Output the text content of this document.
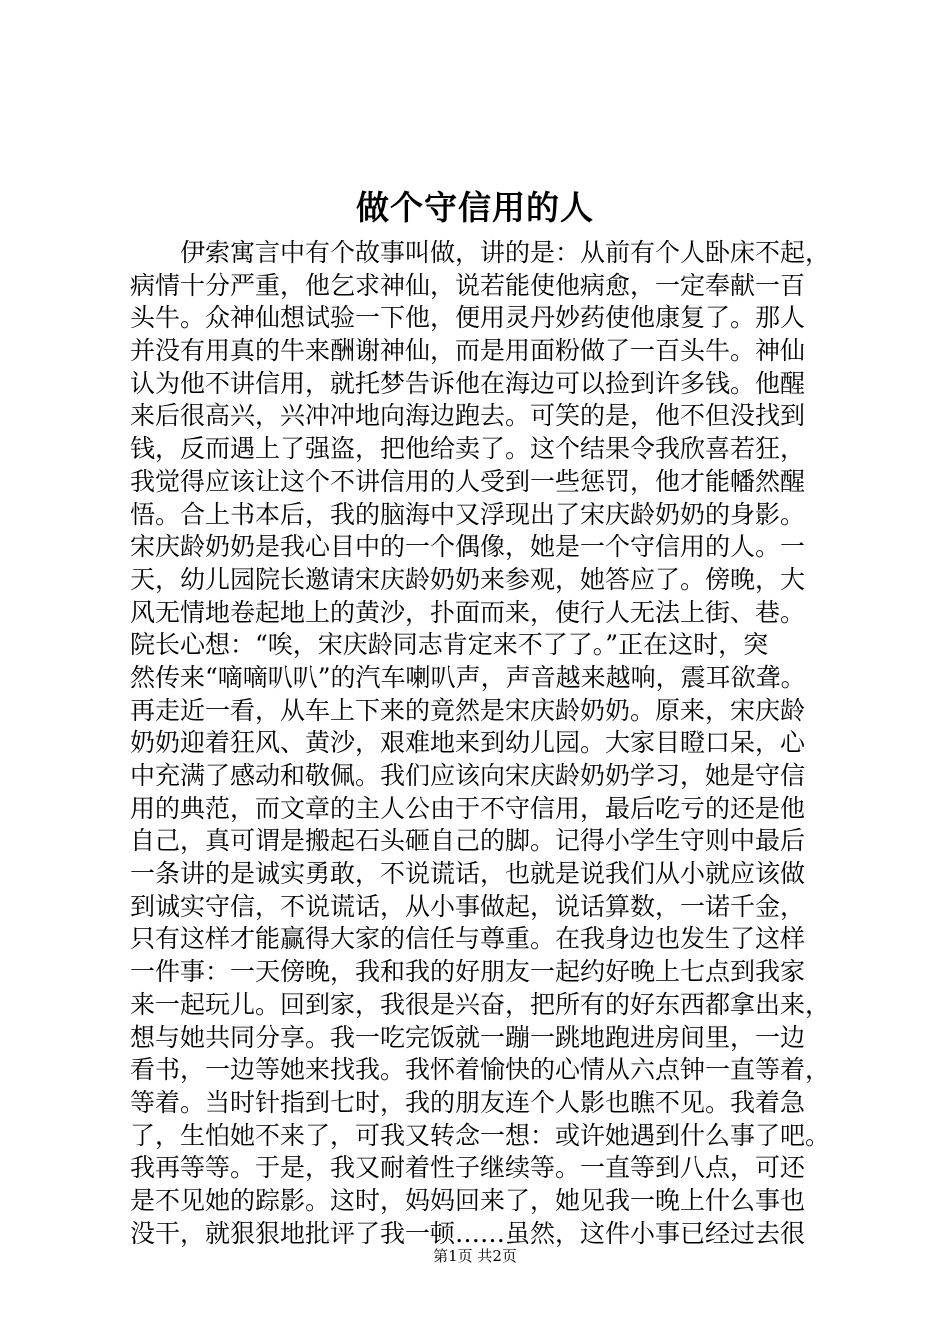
做个守信用的人
　　伊索寓言中有个故事叫做，讲的是：从前有个人卧床不起，
病情十分严重，他乞求神仙，说若能使他病愈，一定奉献一百
头牛。众神仙想试验一下他，便用灵丹妙药使他康复了。那人
并没有用真的牛来酬谢神仙，而是用面粉做了一百头牛。神仙
认为他不讲信用，就托梦告诉他在海边可以捡到许多钱。他醒
来后很高兴，兴冲冲地向海边跑去。可笑的是，他不但没找到
钱，反而遇上了强盗，把他给卖了。这个结果令我欣喜若狂，
我觉得应该让这个不讲信用的人受到一些惩罚，他才能幡然醒
悟。合上书本后，我的脑海中又浮现出了宋庆龄奶奶的身影。
宋庆龄奶奶是我心目中的一个偶像，她是一个守信用的人。一
天，幼儿园院长邀请宋庆龄奶奶来参观，她答应了。傍晚，大
风无情地卷起地上的黄沙，扑面而来，使行人无法上街、巷。
院长心想：“唉，宋庆龄同志肯定来不了了。”正在这时，突
然传来“嘀嘀叭叭”的汽车喇叭声，声音越来越响，震耳欲聋。
再走近一看，从车上下来的竟然是宋庆龄奶奶。原来，宋庆龄
奶奶迎着狂风、黄沙，艰难地来到幼儿园。大家目瞪口呆，心
中充满了感动和敬佩。我们应该向宋庆龄奶奶学习，她是守信
用的典范，而文章的主人公由于不守信用，最后吃亏的还是他
自己，真可谓是搬起石头砸自己的脚。记得小学生守则中最后
一条讲的是诚实勇敢，不说谎话，也就是说我们从小就应该做
到诚实守信，不说谎话，从小事做起，说话算数，一诺千金，
只有这样才能赢得大家的信任与尊重。在我身边也发生了这样
一件事：一天傍晚，我和我的好朋友一起约好晚上七点到我家
来一起玩儿。回到家，我很是兴奋，把所有的好东西都拿出来，
想与她共同分享。我一吃完饭就一蹦一跳地跑进房间里，一边
看书，一边等她来找我。我怀着愉快的心情从六点钟一直等着，
等着。当时针指到七时，我的朋友连个人影也瞧不见。我着急
了，生怕她不来了，可我又转念一想：或许她遇到什么事了吧。
我再等等。于是，我又耐着性子继续等。一直等到八点，可还
是不见她的踪影。这时，妈妈回来了，她见我一晚上什么事也
没干，就狠狠地批评了我一顿……虽然，这件小事已经过去很
第1页 共2页
